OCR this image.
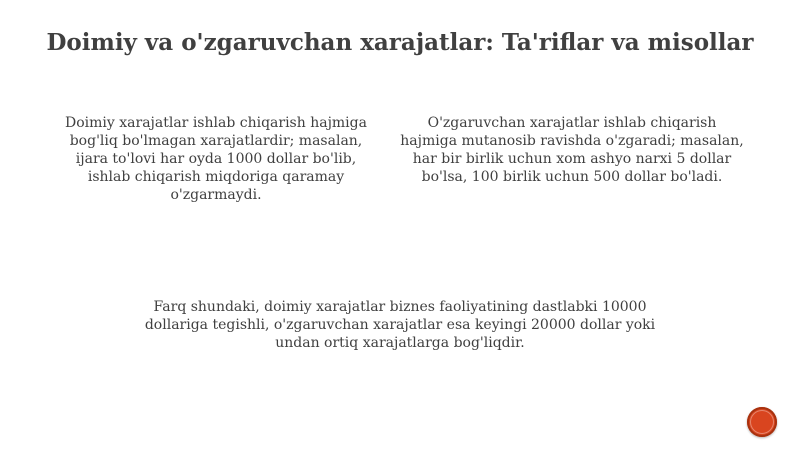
Doimiy va o'zgaruvchan xarajatlar: Ta'riflar va misollar
Doimiy xarajatlar ishlab chiqarish hajmiga bog'liq bo'lmagan xarajatlardir; masalan, ijara to'lovi har oyda 1000 dollar bo'lib, ishlab chiqarish miqdoriga qaramay o'zgarmaydi.
O'zgaruvchan xarajatlar ishlab chiqarish hajmiga mutanosib ravishda o'zgaradi; masalan, har bir birlik uchun xom ashyo narxi 5 dollar bo'lsa, 100 birlik uchun 500 dollar bo'ladi.
Farq shundaki, doimiy xarajatlar biznes faoliyatining dastlabki 10000 dollariga tegishli, o'zgaruvchan xarajatlar esa keyingi 20000 dollar yoki undan ortiq xarajatlarga bog'liqdir.
